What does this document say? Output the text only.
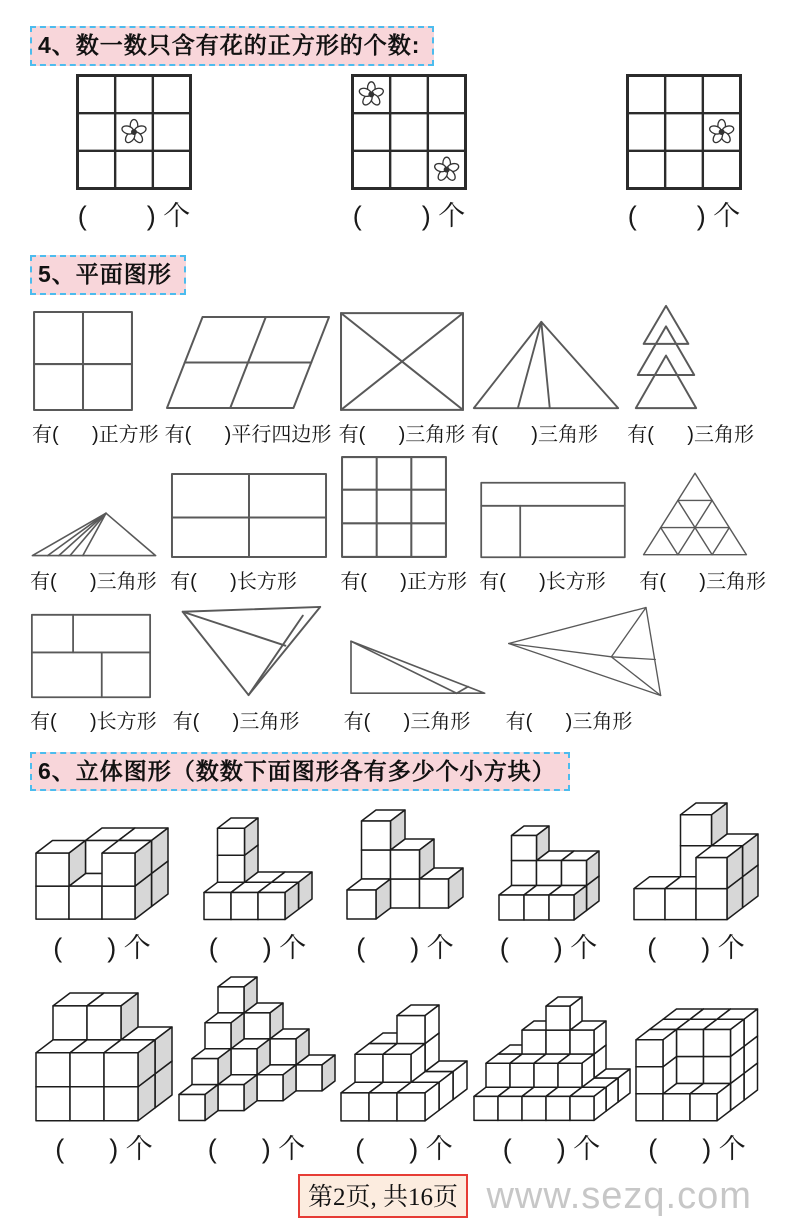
4、数一数只含有花的正方形的个数:
(        ) 个	(        ) 个	(        ) 个
5、平面图形
有(      )正方形 有(      )平行四边形 有(      )三角形 有(      )三角形 有(      )三角形
有(      )三角形 有(      )长方形 有(      )正方形 有(      )长方形 有(      )三角形
有(      )长方形 有(      )三角形 有(      )三角形 有(      )三角形
6、立体图形（数数下面图形各有多少个小方块）
(      ) 个 (      ) 个 (      ) 个 (      ) 个 (      ) 个
(      ) 个 (      ) 个 (      ) 个 (      ) 个 (      ) 个
第2页, 共16页 www.sezq.com
